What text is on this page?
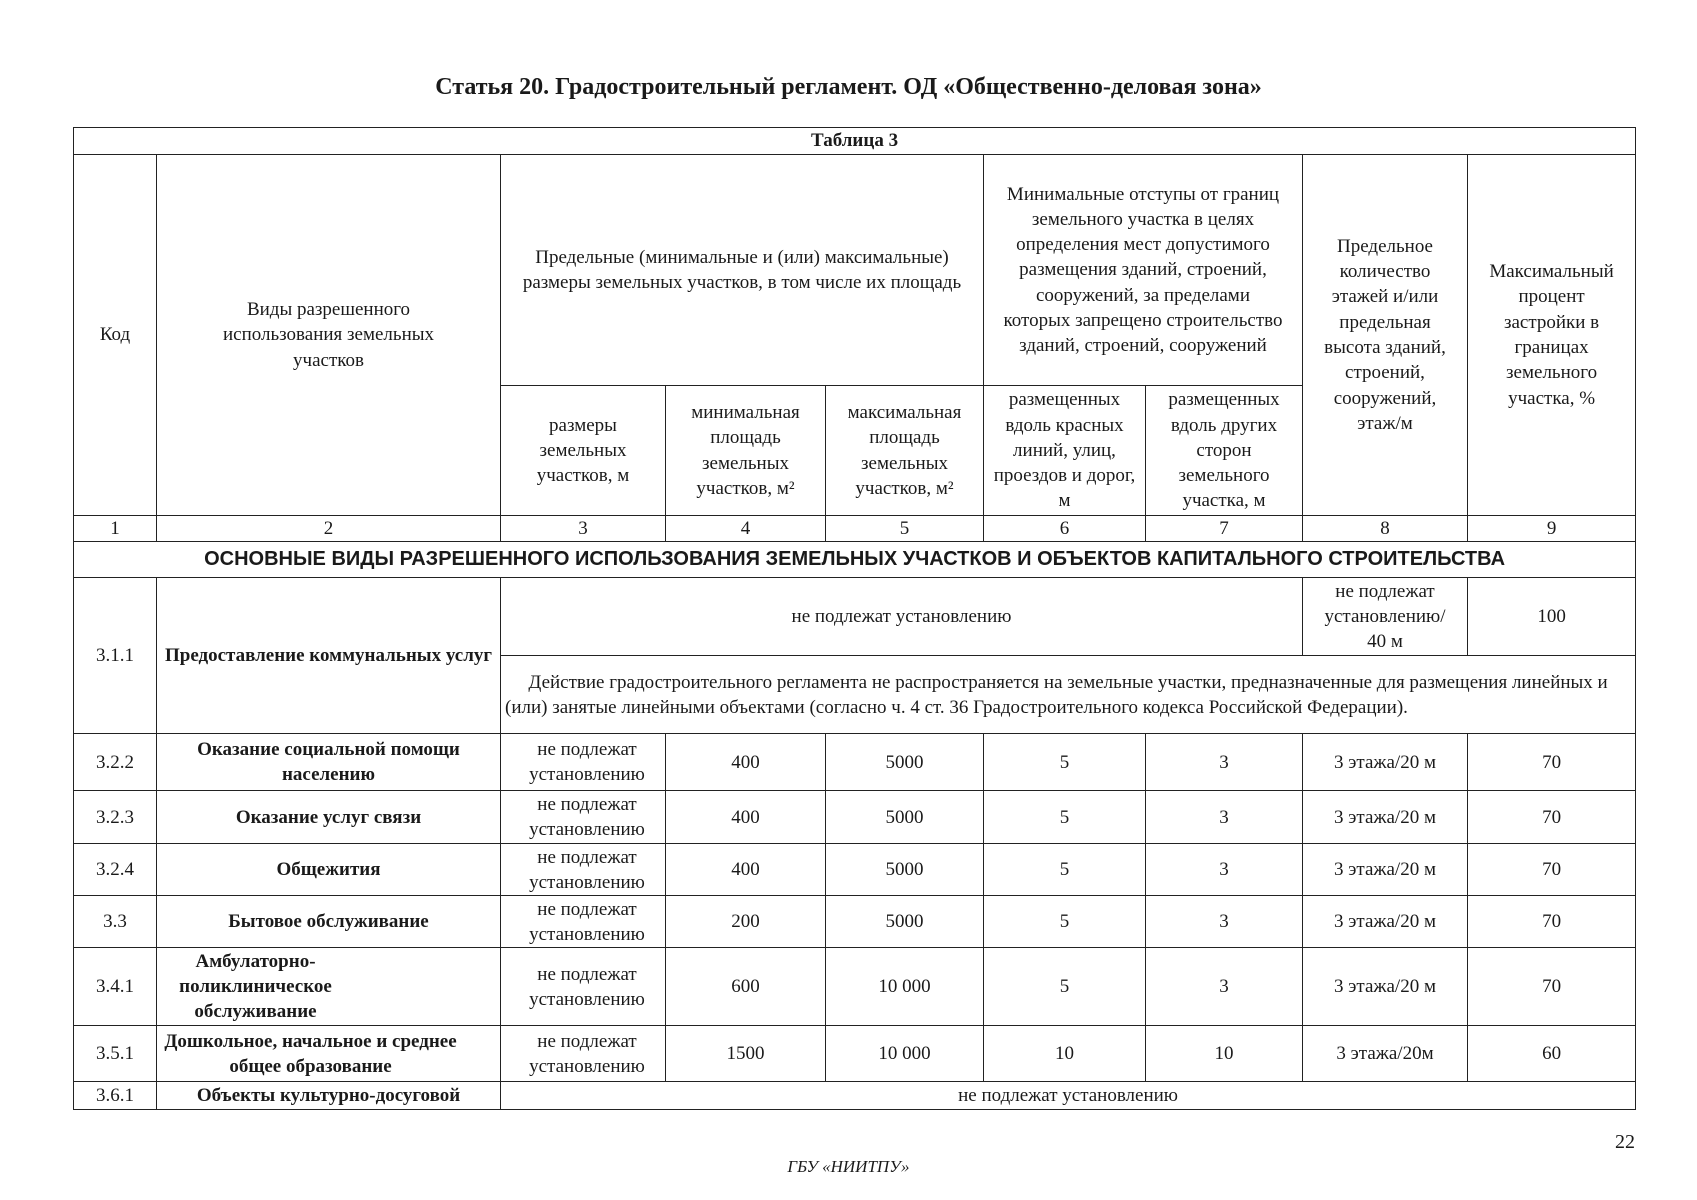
Статья 20. Градостроительный регламент. ОД «Общественно-деловая зона»
Таблица 3								
Код	Виды разрешенного использования земельных участков	Предельные (минимальные и (или) максимальные) размеры земельных участков, в том числе их площадь			Минимальные отступы от границ земельного участка в целях определения мест допустимого размещения зданий, строений, сооружений, за пределами которых запрещено строительство зданий, строений, сооружений		Предельное количество этажей и/или предельная высота зданий, строений, сооружений, этаж/м	Максимальный процент застройки в границах земельного участка, %
		размеры земельных участков, м	минимальная площадь земельных участков, м²	максимальная площадь земельных участков, м²	размещенных вдоль красных линий, улиц, проездов и дорог, м	размещенных вдоль других сторон земельного участка, м		
1	2	3	4	5	6	7	8	9
ОСНОВНЫЕ ВИДЫ РАЗРЕШЕННОГО ИСПОЛЬЗОВАНИЯ ЗЕМЕЛЬНЫХ УЧАСТКОВ И ОБЪЕКТОВ КАПИТАЛЬНОГО СТРОИТЕЛЬСТВА								
3.1.1	Предоставление коммунальных услуг	не подлежат установлению					не подлежат установлению/ 40 м	100
		Действие градостроительного регламента не распространяется на земельные участки, предназначенные для размещения линейных и (или) занятые линейными объектами (согласно ч. 4 ст. 36 Градостроительного кодекса Российской Федерации).						
3.2.2	Оказание социальной помощи населению	не подлежат установлению	400	5000	5	3	3 этажа/20 м	70
3.2.3	Оказание услуг связи	не подлежат установлению	400	5000	5	3	3 этажа/20 м	70
3.2.4	Общежития	не подлежат установлению	400	5000	5	3	3 этажа/20 м	70
3.3	Бытовое обслуживание	не подлежат установлению	200	5000	5	3	3 этажа/20 м	70
3.4.1	Амбулаторно-поликлиническое обслуживание	не подлежат установлению	600	10 000	5	3	3 этажа/20 м	70
3.5.1	Дошкольное, начальное и среднее общее образование	не подлежат установлению	1500	10 000	10	10	3 этажа/20м	60
3.6.1	Объекты культурно-досуговой	не подлежат установлению						
22
ГБУ «НИИТПУ»
